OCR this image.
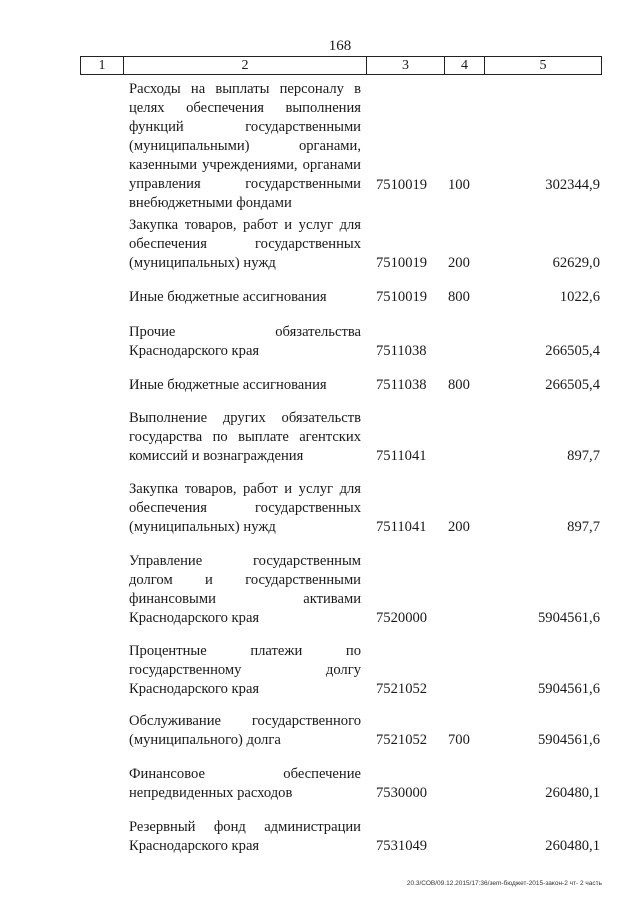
168
1	2	3	4	5
Расходы на выплаты персоналу в целях обеспечения выполнения функций государственными (муниципальными) органами, казенными учреждениями, органами управления государственными внебюджетными фондами
7510019 100	302344,9
Закупка товаров, работ и услуг для обеспечения государственных (муниципальных) нужд	7510019 200	62629,0
Иные бюджетные ассигнования	7510019 800	1022,6
Прочие обязательства Краснодарского края	7511038	266505,4
Иные бюджетные ассигнования	7511038 800	266505,4
Выполнение других обязательств государства по выплате агентских комиссий и вознаграждения	7511041	897,7
Закупка товаров, работ и услуг для обеспечения государственных (муниципальных) нужд	7511041 200	897,7
Управление государственным долгом и государственными финансовыми активами Краснодарского края	7520000	5904561,6
Процентные платежи по государственному долгу Краснодарского края	7521052	5904561,6
Обслуживание государственного (муниципального) долга	7521052 700	5904561,6
Финансовое обеспечение непредвиденных расходов	7530000	260480,1
Резервный фонд администрации Краснодарского края	7531049	260480,1
20.3/СОВ/09.12.2015/17:36/зеm-бюджет-2015-закон-2 чт- 2 часть
